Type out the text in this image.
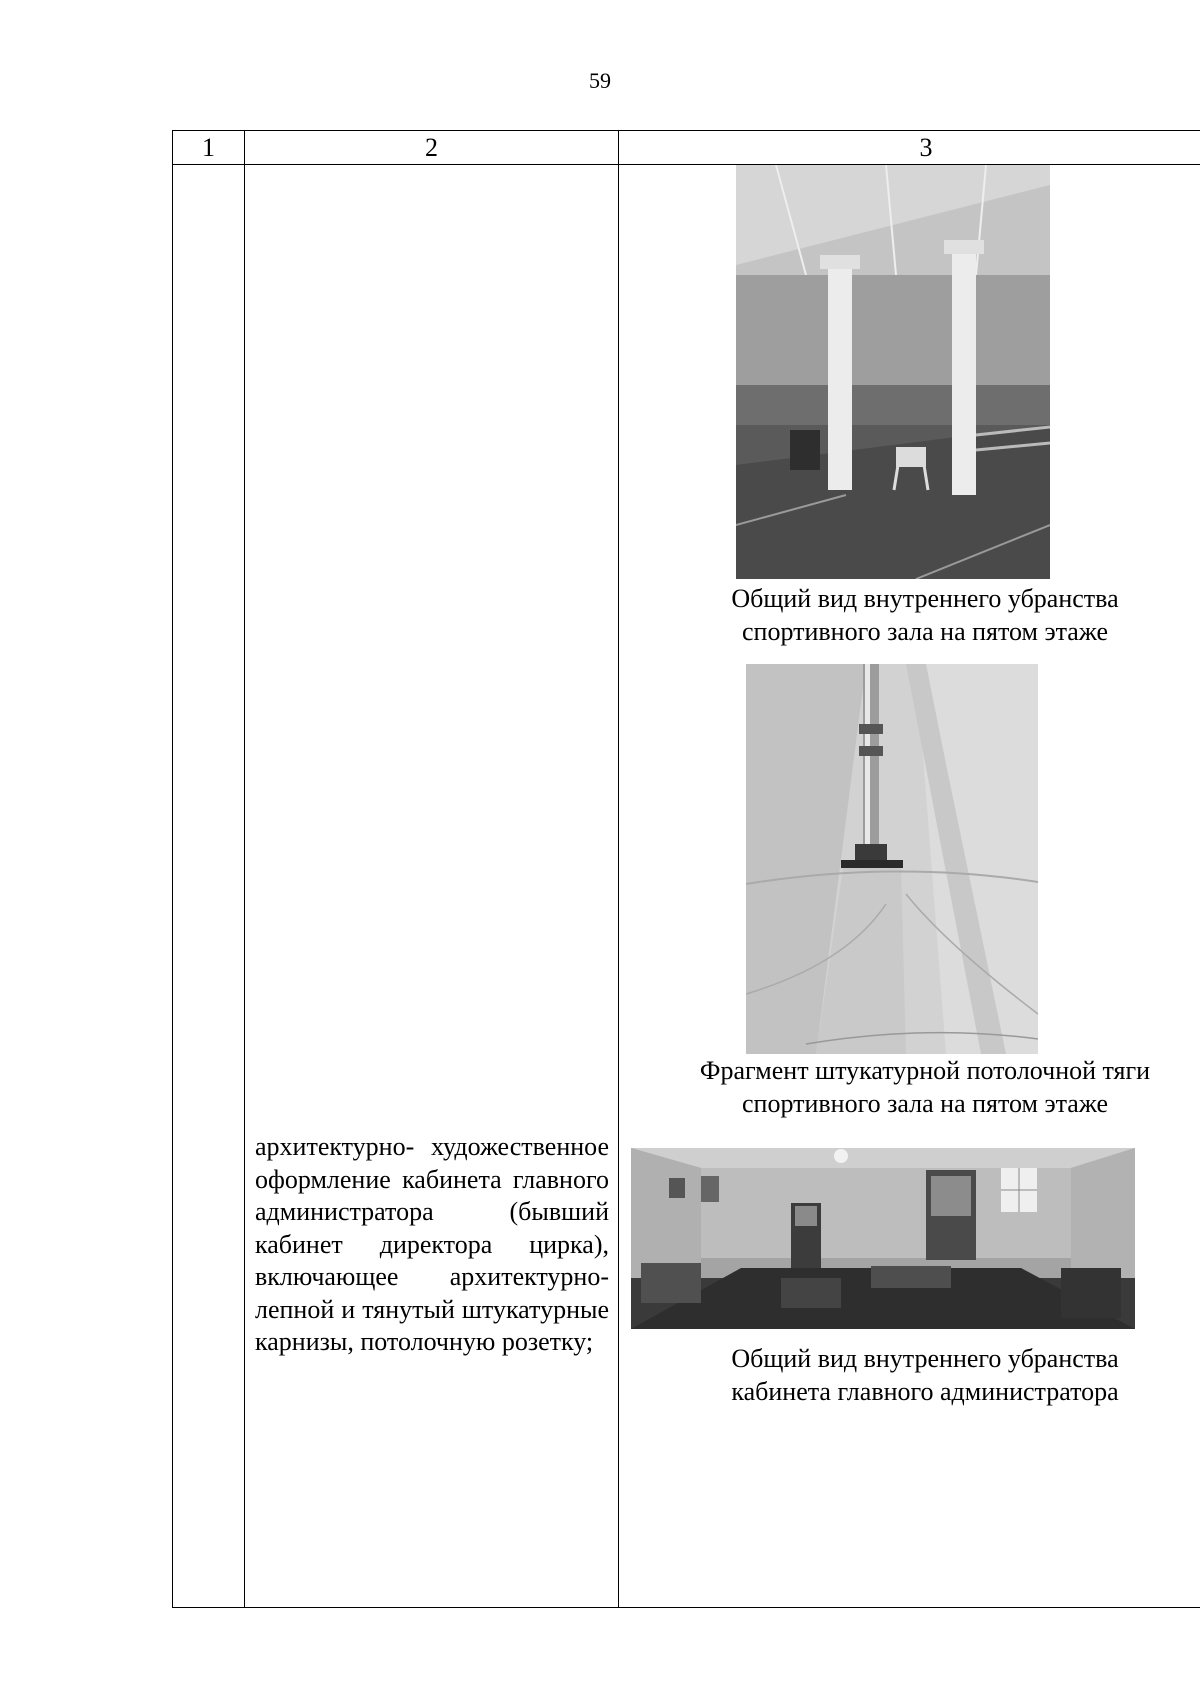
59
1	2	3

архитектурно- художественное оформление кабинета главного администратора (бывший кабинет директора цирка), включающее архитектурно- лепной и тянутый штукатурные карнизы, потолочную розетку;

Общий вид внутреннего убранства
спортивного зала на пятом этаже
Фрагмент штукатурной потолочной тяги
спортивного зала на пятом этаже
Общий вид внутреннего убранства
кабинета главного администратора
